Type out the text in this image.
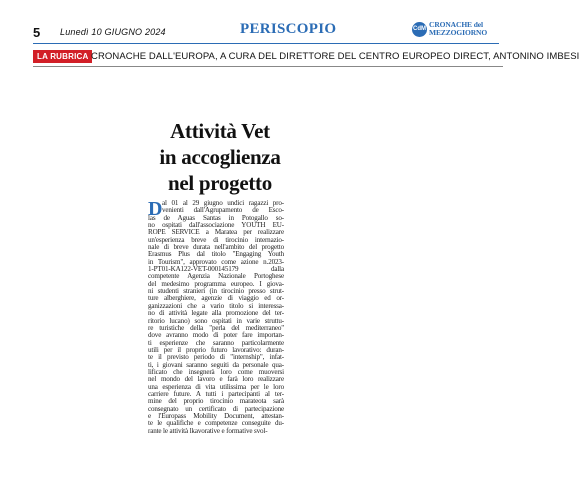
5 Lunedì 10 GIUGNO 2024	PERISCOPIO	CdM CRONACHE del
MEZZOGIORNO
LA RUBRICA CRONACHE DALL'EUROPA, A CURA DEL DIRETTORE DEL CENTRO EUROPEO DIRECT, ANTONINO IMBESI
Attività Vet
in accoglienza
nel progetto
D al 01 al 29 giugno undici ragazzi pro-
venienti dall'Agrupamento de Esco-
las de Aguas Santas in Potogallo so-
no ospitati dall'associazione YOUTH EU-
ROPE SERVICE a Maratea per realizzare
un'esperienza breve di tirocinio internazio-
nale di breve durata nell'ambito del progetto
Erasmus Plus dal titolo "Engaging Youth
in Tourism", approvato come azione n.2023-
1-PT01-KA122-VET-000145179 dalla
competente Agenzia Nazionale Portoghese
del medesimo programma europeo. I giova-
ni studenti stranieri (in tirocinio presso strut-
ture alberghiere, agenzie di viaggio ed or-
ganizzazioni che a vario titolo si interessa-
no di attività legate alla promozione del ter-
ritorio lucano) sono ospitati in varie struttu-
re turistiche della "perla del mediterraneo"
dove avranno modo di poter fare importan-
ti esperienze che saranno particolarmente
utili per il proprio futuro lavorativo: duran-
te il previsto periodo di "internship", infat-
ti, i giovani saranno seguiti da personale qua-
lificato che insegnerà loro come muoversi
nel mondo del lavoro e farà loro realizzare
una esperienza di vita utilissima per le loro
carriere future. A tutti i partecipanti al ter-
mine del proprio tirocinio marateota sarà
consegnato un certificato di partecipazione
e l'Europass Mobility Document, attestan-
te le qualifiche e competenze conseguite du-
rante le attività lkavorative e formative svol-
